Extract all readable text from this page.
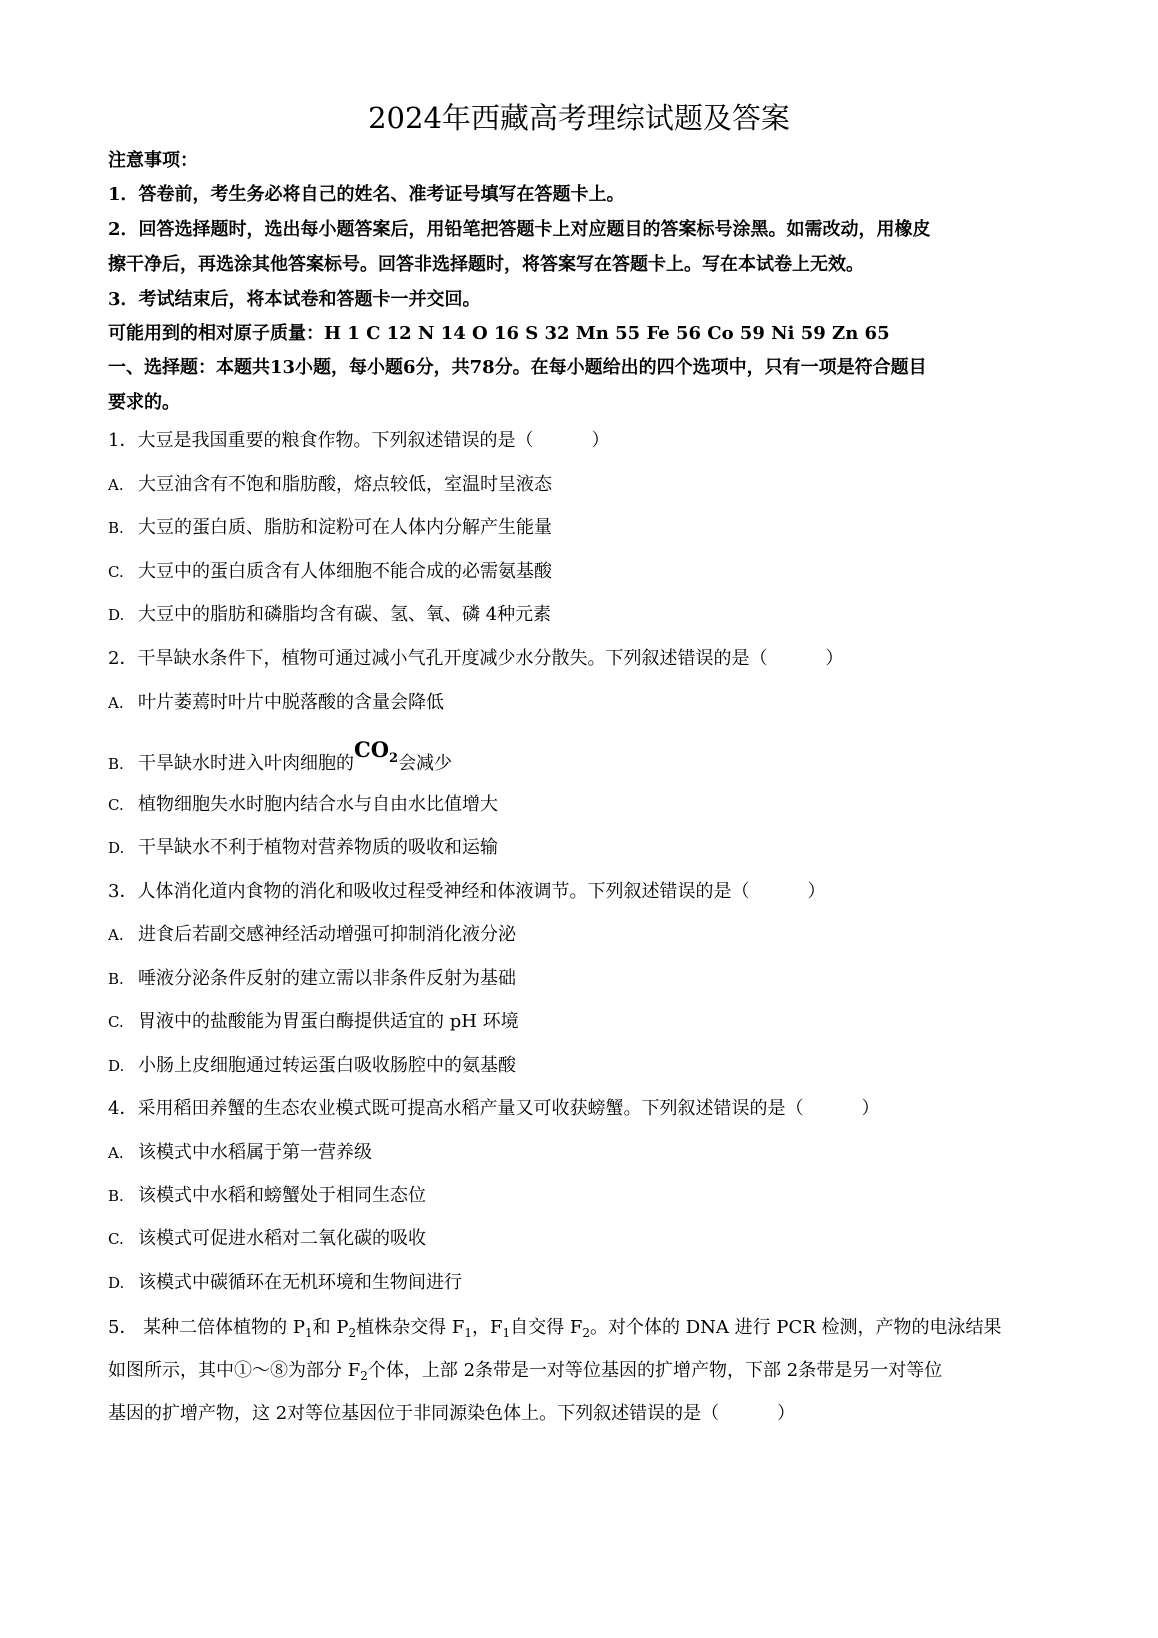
2024年西藏高考理综试题及答案
注意事项：
1．答卷前，考生务必将自己的姓名、准考证号填写在答题卡上。
2．回答选择题时，选出每小题答案后，用铅笔把答题卡上对应题目的答案标号涂黑。如需改动，用橡皮
擦干净后，再选涂其他答案标号。回答非选择题时，将答案写在答题卡上。写在本试卷上无效。
3．考试结束后，将本试卷和答题卡一并交回。
可能用到的相对原子质量：H 1 C 12 N 14 O 16 S 32 Mn 55 Fe 56 Co 59 Ni 59 Zn 65
一、选择题：本题共13小题，每小题6分，共78分。在每小题给出的四个选项中，只有一项是符合题目
要求的。
1．大豆是我国重要的粮食作物。下列叙述错误的是（	）
A. 大豆油含有不饱和脂肪酸，熔点较低，室温时呈液态
B. 大豆的蛋白质、脂肪和淀粉可在人体内分解产生能量
C. 大豆中的蛋白质含有人体细胞不能合成的必需氨基酸
D. 大豆中的脂肪和磷脂均含有碳、氢、氧、磷 4种元素
2．干旱缺水条件下，植物可通过减小气孔开度减少水分散失。下列叙述错误的是（	）
A. 叶片萎蔫时叶片中脱落酸的含量会降低
B. 干旱缺水时进入叶肉细胞的$CO_2$会减少
C. 植物细胞失水时胞内结合水与自由水比值增大
D. 干旱缺水不利于植物对营养物质的吸收和运输
3．人体消化道内食物的消化和吸收过程受神经和体液调节。下列叙述错误的是（	）
A. 进食后若副交感神经活动增强可抑制消化液分泌
B. 唾液分泌条件反射的建立需以非条件反射为基础
C. 胃液中的盐酸能为胃蛋白酶提供适宜的 pH 环境
D. 小肠上皮细胞通过转运蛋白吸收肠腔中的氨基酸
4．采用稻田养蟹的生态农业模式既可提高水稻产量又可收获螃蟹。下列叙述错误的是（	）
A. 该模式中水稻属于第一营养级
B. 该模式中水稻和螃蟹处于相同生态位
C. 该模式可促进水稻对二氧化碳的吸收
D. 该模式中碳循环在无机环境和生物间进行
5． 某种二倍体植物的 $P_1$和 $P_2$植株杂交得 $F_1$，$F_1$自交得 $F_2$。对个体的 DNA 进行 PCR 检测，产物的电泳结果
如图所示，其中①～⑧为部分 $F_2$个体，上部 2条带是一对等位基因的扩增产物，下部 2条带是另一对等位
基因的扩增产物，这 2对等位基因位于非同源染色体上。下列叙述错误的是（	）
